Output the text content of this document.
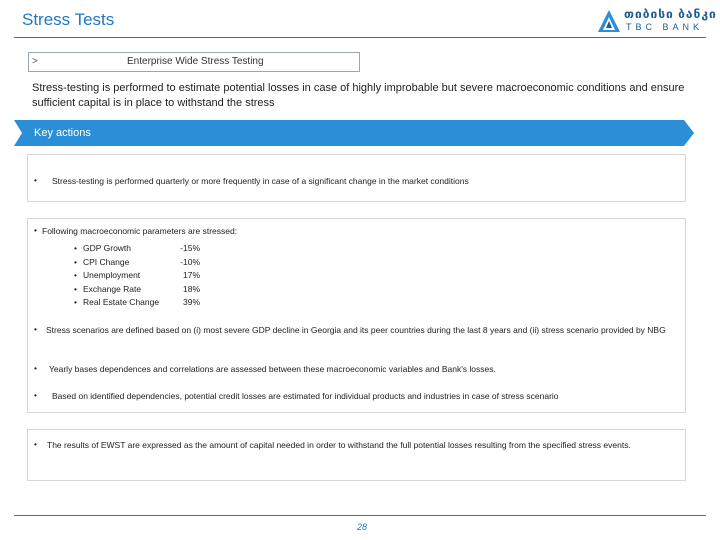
Stress Tests	თიბისი ბანკი
TBC BANK
>	Enterprise Wide Stress Testing
Stress-testing is performed to estimate potential losses in case of highly improbable but severe macroeconomic conditions and ensure sufficient capital is in place to withstand the stress
Key actions
• Stress-testing is performed quarterly or more frequently in case of a significant change in the market conditions
• Following macroeconomic parameters are stressed:
• GDP Growth	-15%
• CPI Change	-10%
• Unemployment	17%
• Exchange Rate	18%
• Real Estate Change	39%
• Stress scenarios are defined based on (i) most severe GDP decline in Georgia and its peer countries during the last 8 years and (ii) stress scenario provided by NBG
• Yearly bases dependences and correlations are assessed between these macroeconomic variables and Bank's losses.
• Based on identified dependencies, potential credit losses are estimated for individual products and industries in case of stress scenario
• The results of EWST are expressed as the amount of capital needed in order to withstand the full potential losses resulting from the specified stress events.
28
